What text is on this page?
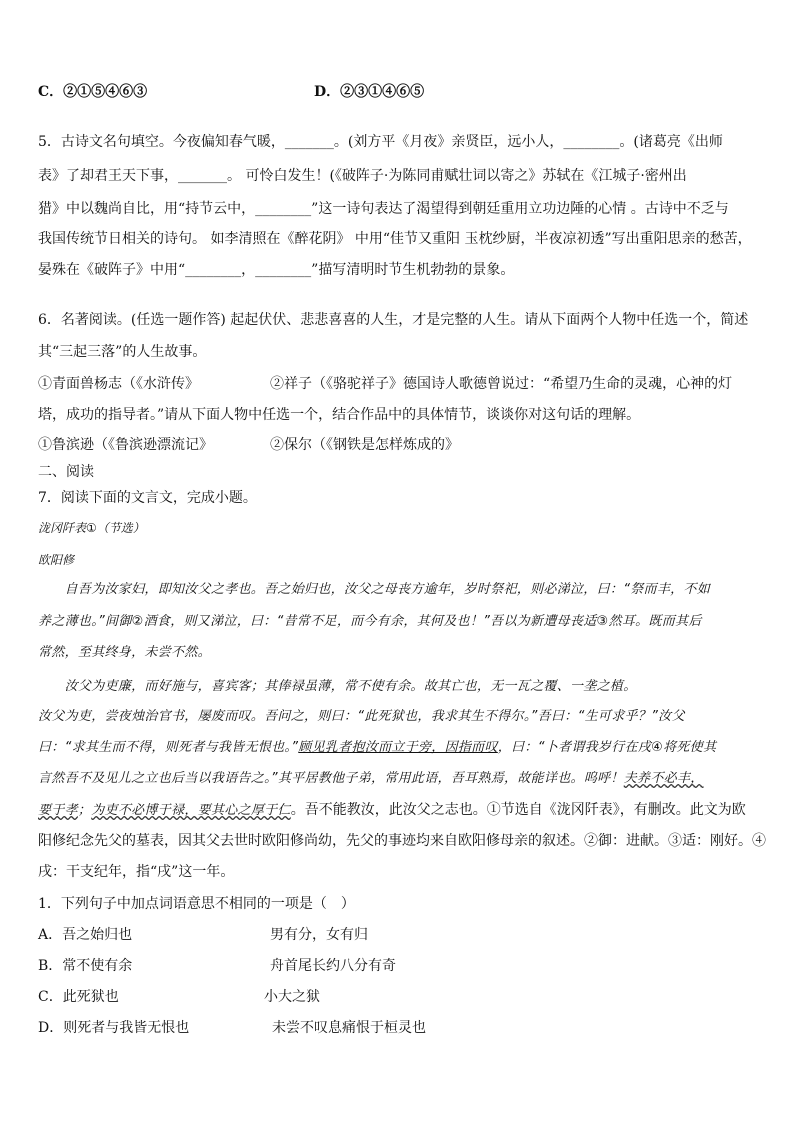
C．②①⑤④⑥③	D．②③①④⑥⑤
5．古诗文名句填空。今夜偏知春气暖，_______。(刘方平《月夜》亲贤臣，远小人，________。(诸葛亮《出师
表》了却君王天下事，_______。 可怜白发生！(《破阵子·为陈同甫赋壮词以寄之》苏轼在《江城子·密州出
猎》中以魏尚自比，用“持节云中，________”这一诗句表达了渴望得到朝廷重用立功边陲的心情 。古诗中不乏与
我国传统节日相关的诗句。 如李清照在《醉花阴》 中用“佳节又重阳 玉枕纱厨，半夜凉初透”写出重阳思亲的愁苦，
晏殊在《破阵子》中用“________，________”描写清明时节生机勃勃的景象。
6．名著阅读。(任选一题作答) 起起伏伏、悲悲喜喜的人生，才是完整的人生。请从下面两个人物中任选一个，简述
其“三起三落”的人生故事。
①青面兽杨志（《水浒传》	②祥子（《骆驼祥子》德国诗人歌德曾说过：“希望乃生命的灵魂，心神的灯
塔，成功的指导者。”请从下面人物中任选一个，结合作品中的具体情节，谈谈你对这句话的理解。
①鲁滨逊（《鲁滨逊漂流记》	②保尔（《钢铁是怎样炼成的》
二、阅读
7．阅读下面的文言文，完成小题。
泷冈阡表①（节选）
欧阳修
　　自吾为汝家妇，即知汝父之孝也。吾之始归也，汝父之母丧方逾年，岁时祭祀，则必涕泣，曰：“祭而丰，不如
养之薄也。”间御②酒食，则又涕泣，曰：“昔常不足，而今有余，其何及也！”吾以为新遭母丧适③然耳。既而其后
常然，至其终身，未尝不然。
　　汝父为吏廉，而好施与，喜宾客；其俸禄虽薄，常不使有余。故其亡也，无一瓦之覆、一垄之植。
汝父为吏，尝夜烛治官书，屡废而叹。吾问之，则曰：“此死狱也，我求其生不得尔。”吾曰：“生可求乎？”汝父
曰：“求其生而不得，则死者与我皆无恨也。”顾见乳者抱汝而立于旁，因指而叹，曰：“卜者谓我岁行在戌④将死使其
言然吾不及见儿之立也后当以我语告之。”其平居教他子弟，常用此语，吾耳熟焉，故能详也。呜呼！夫养不必丰，
要于孝；为吏不必博于禄，要其心之厚于仁。吾不能教汝，此汝父之志也。①节选自《泷冈阡表》，有删改。此文为欧
阳修纪念先父的墓表，因其父去世时欧阳修尚幼，先父的事迹均来自欧阳修母亲的叙述。②御：进献。③适：刚好。④
戌：干支纪年，指“戌”这一年。
1．下列句子中加点词语意思不相同的一项是（　）
A．吾之始归也	男有分，女有归
B．常不使有余	舟首尾长约八分有奇
C．此死狱也	小大之狱
D．则死者与我皆无恨也	未尝不叹息痛恨于桓灵也
